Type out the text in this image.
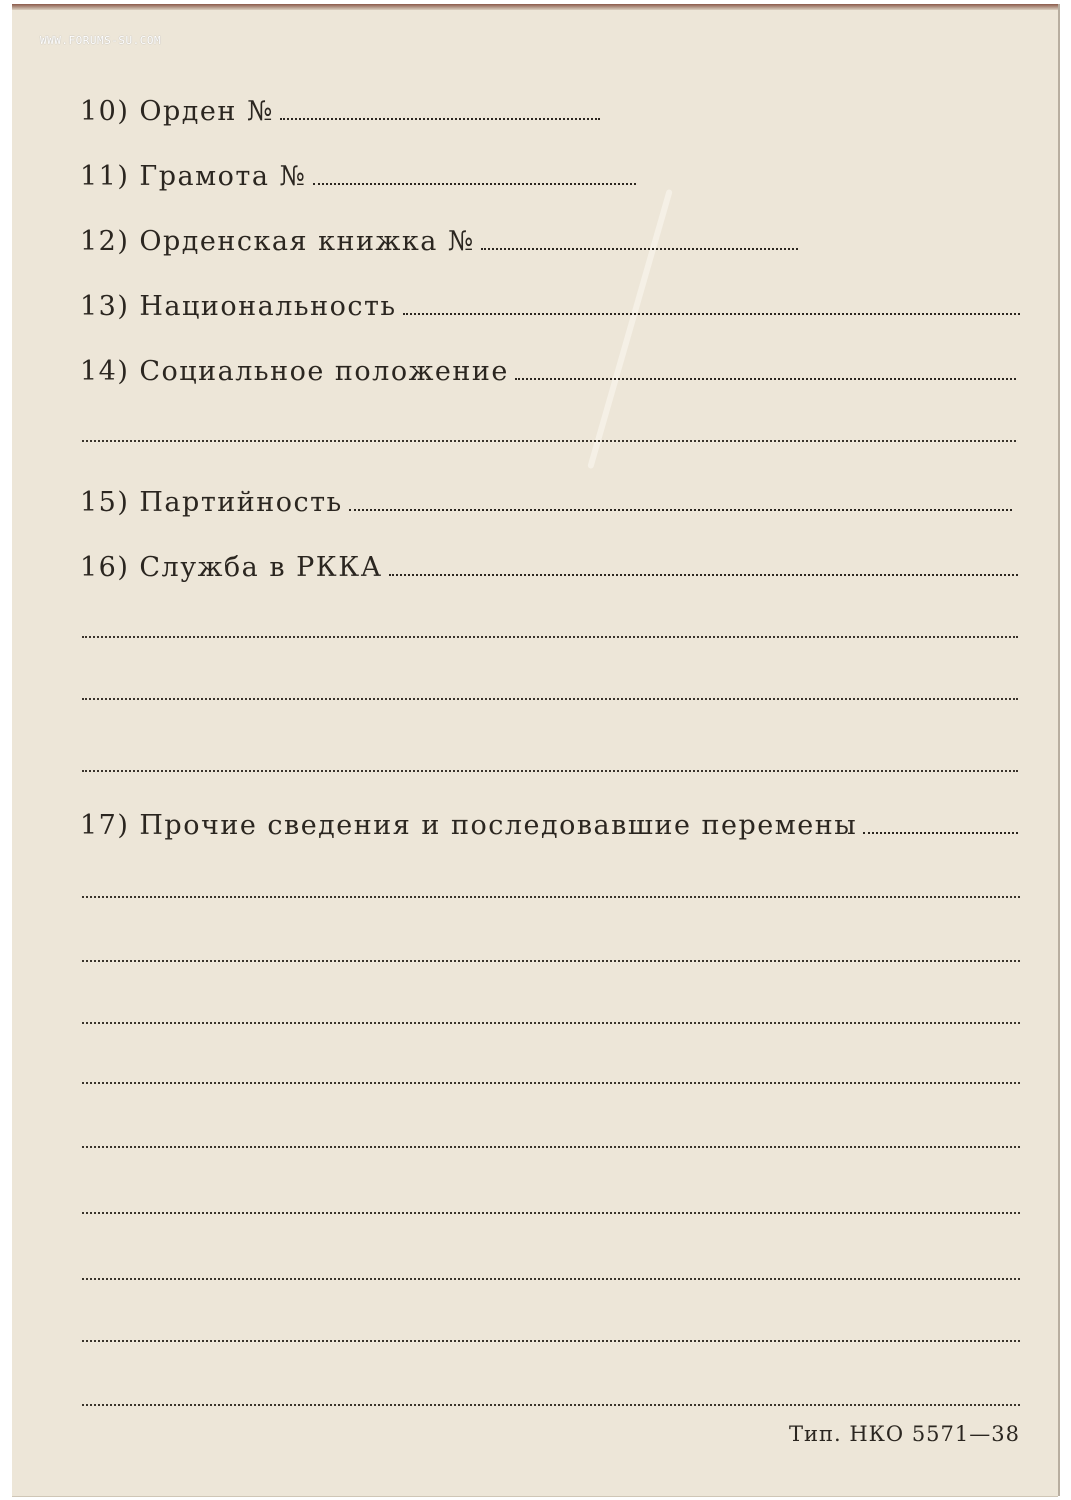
WWW.FORUMS-SU.COM
10) Орден №
11) Грамота №
12) Орденская книжка №
13) Национальность
14) Социальное положение
15) Партийность
16) Служба в РККА
17) Прочие сведения и последовавшие перемены
Тип. НКО 5571—38
